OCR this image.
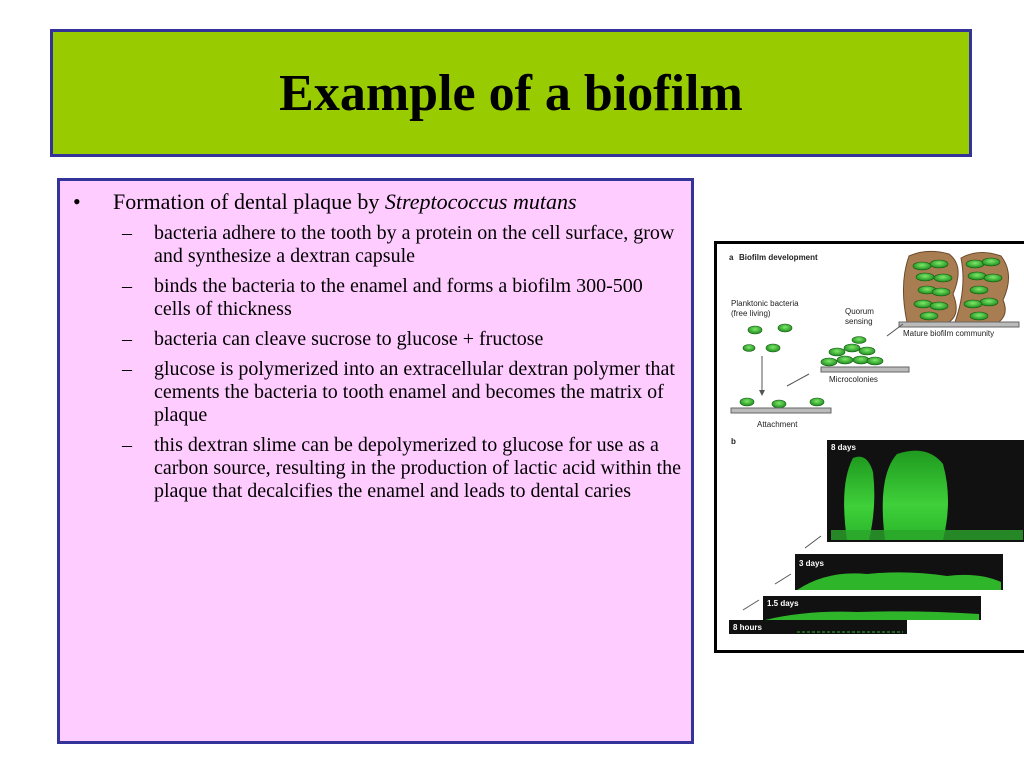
Example of a biofilm
•	Formation of dental plaque by Streptococcus mutans
–	bacteria adhere to the tooth by a protein on the cell surface, grow and synthesize a dextran capsule
–	binds the bacteria to the enamel and forms a biofilm 300-500 cells of thickness
–	bacteria can cleave sucrose to glucose + fructose
–	glucose is polymerized into an extracellular dextran polymer that cements the bacteria to tooth enamel and becomes the matrix of plaque
–	this dextran slime can be depolymerized to glucose for use as a carbon source, resulting in the production of lactic acid within the plaque that decalcifies the enamel and leads to dental caries
a Biofilm development
Mature biofilm community
Planktonic bacteria
(free living)	Quorum
sensing
Microcolonies
Attachment
b
8 days
3 days
1.5 days
8 hours
